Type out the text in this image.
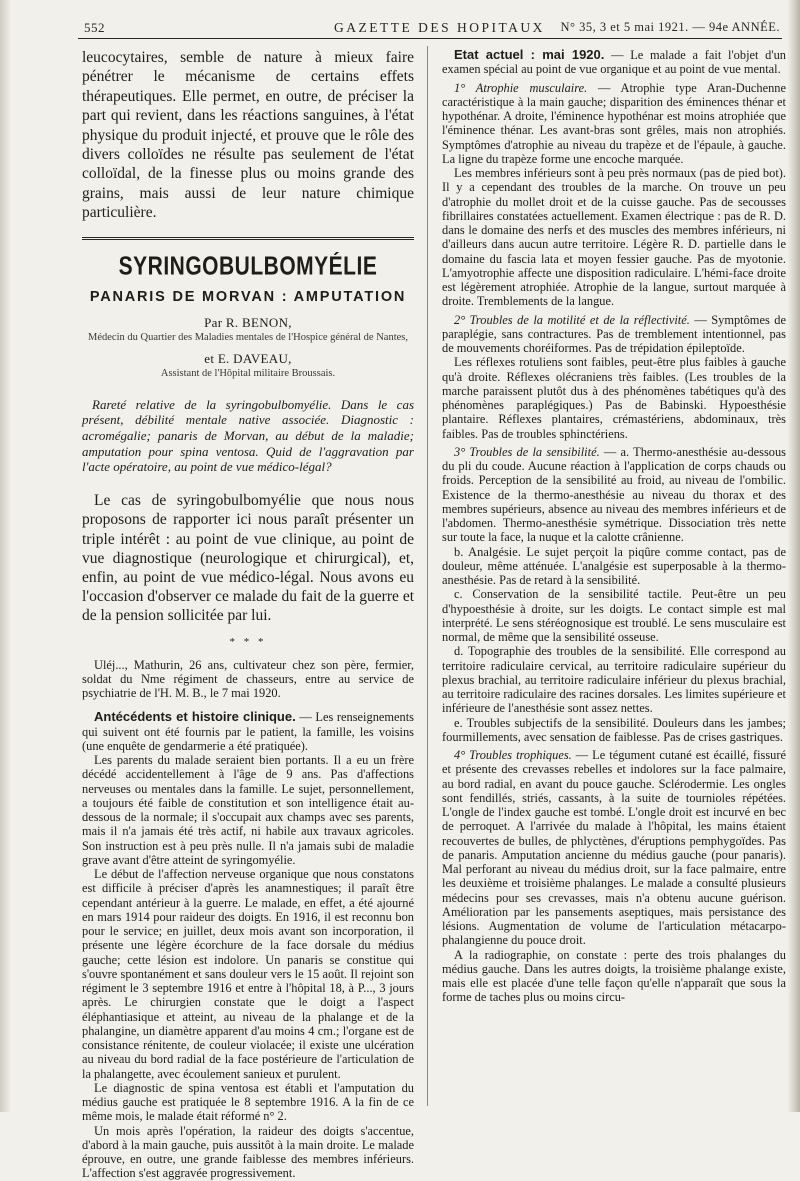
552	GAZETTE DES HOPITAUX N° 35, 3 et 5 mai 1921. — 94e ANNÉE.

leucocytaires, semble de nature à mieux faire pénétrer le mécanisme de certains effets thérapeutiques. Elle permet, en outre, de préciser la part qui revient, dans les réactions sanguines, à l'état physique du produit injecté, et prouve que le rôle des divers colloïdes ne résulte pas seulement de l'état colloïdal, de la finesse plus ou moins grande des grains, mais aussi de leur nature chimique particulière.

SYRINGOBULBOMYÉLIE
PANARIS DE MORVAN : AMPUTATION
Par R. BENON,
Médecin du Quartier des Maladies mentales de l'Hospice général de Nantes,
et E. DAVEAU,
Assistant de l'Hôpital militaire Broussais.

Rareté relative de la syringobulbomyélie. Dans le cas présent, débilité mentale native associée. Diagnostic : acromégalie; panaris de Morvan, au début de la maladie; amputation pour spina ventosa. Quid de l'aggravation par l'acte opératoire, au point de vue médico-légal?

Le cas de syringobulbomyélie que nous nous proposons de rapporter ici nous paraît présenter un triple intérêt : au point de vue clinique, au point de vue diagnostique (neurologique et chirurgical), et, enfin, au point de vue médico-légal. Nous avons eu l'occasion d'observer ce malade du fait de la guerre et de la pension sollicitée par lui.

* * *

Uléj..., Mathurin, 26 ans, cultivateur chez son père, fermier, soldat du Nme régiment de chasseurs, entre au service de psychiatrie de l'H. M. B., le 7 mai 1920.

Antécédents et histoire clinique. — Les renseignements qui suivent ont été fournis par le patient, la famille, les voisins (une enquête de gendarmerie a été pratiquée).

Les parents du malade seraient bien portants. Il a eu un frère décédé accidentellement à l'âge de 9 ans. Pas d'affections nerveuses ou mentales dans la famille. Le sujet, personnellement, a toujours été faible de constitution et son intelligence était au-dessous de la normale; il s'occupait aux champs avec ses parents, mais il n'a jamais été très actif, ni habile aux travaux agricoles. Son instruction est à peu près nulle. Il n'a jamais subi de maladie grave avant d'être atteint de syringomyélie.

Le début de l'affection nerveuse organique que nous constatons est difficile à préciser d'après les anamnestiques; il paraît être cependant antérieur à la guerre. Le malade, en effet, a été ajourné en mars 1914 pour raideur des doigts. En 1916, il est reconnu bon pour le service; en juillet, deux mois avant son incorporation, il présente une légère écorchure de la face dorsale du médius gauche; cette lésion est indolore. Un panaris se constitue qui s'ouvre spontanément et sans douleur vers le 15 août. Il rejoint son régiment le 3 septembre 1916 et entre à l'hôpital 18, à P..., 3 jours après. Le chirurgien constate que le doigt a l'aspect éléphantiasique et atteint, au niveau de la phalange et de la phalangine, un diamètre apparent d'au moins 4 cm.; l'organe est de consistance rénitente, de couleur violacée; il existe une ulcération au niveau du bord radial de la face postérieure de l'articulation de la phalangette, avec écoulement sanieux et purulent.

Le diagnostic de spina ventosa est établi et l'amputation du médius gauche est pratiquée le 8 septembre 1916. A la fin de ce même mois, le malade était réformé n° 2.

Un mois après l'opération, la raideur des doigts s'accentue, d'abord à la main gauche, puis aussitôt à la main droite. Le malade éprouve, en outre, une grande faiblesse des membres inférieurs. L'affection s'est aggravée progressivement.

Etat actuel : mai 1920. — Le malade a fait l'objet d'un examen spécial au point de vue organique et au point de vue mental.

1° Atrophie musculaire. — Atrophie type Aran-Duchenne caractéristique à la main gauche; disparition des éminences thénar et hypothénar. A droite, l'éminence hypothénar est moins atrophiée que l'éminence thénar. Les avant-bras sont grêles, mais non atrophiés. Symptômes d'atrophie au niveau du trapèze et de l'épaule, à gauche. La ligne du trapèze forme une encoche marquée.

Les membres inférieurs sont à peu près normaux (pas de pied bot). Il y a cependant des troubles de la marche. On trouve un peu d'atrophie du mollet droit et de la cuisse gauche. Pas de secousses fibrillaires constatées actuellement. Examen électrique : pas de R. D. dans le domaine des nerfs et des muscles des membres inférieurs, ni d'ailleurs dans aucun autre territoire. Légère R. D. partielle dans le domaine du fascia lata et moyen fessier gauche. Pas de myotonie. L'amyotrophie affecte une disposition radiculaire. L'hémi-face droite est légèrement atrophiée. Atrophie de la langue, surtout marquée à droite. Tremblements de la langue.

2° Troubles de la motilité et de la réflectivité. — Symptômes de paraplégie, sans contractures. Pas de tremblement intentionnel, pas de mouvements choréiformes. Pas de trépidation épileptoïde.

Les réflexes rotuliens sont faibles, peut-être plus faibles à gauche qu'à droite. Réflexes olécraniens très faibles. (Les troubles de la marche paraissent plutôt dus à des phénomènes tabétiques qu'à des phénomènes paraplégiques.) Pas de Babinski. Hypoesthésie plantaire. Réflexes plantaires, crémastériens, abdominaux, très faibles. Pas de troubles sphinctériens.

3° Troubles de la sensibilité. — a. Thermo-anesthésie au-dessous du pli du coude. Aucune réaction à l'application de corps chauds ou froids. Perception de la sensibilité au froid, au niveau de l'ombilic. Existence de la thermo-anesthésie au niveau du thorax et des membres supérieurs, absence au niveau des membres inférieurs et de l'abdomen. Thermo-anesthésie symétrique. Dissociation très nette sur toute la face, la nuque et la calotte crânienne.

b. Analgésie. Le sujet perçoit la piqûre comme contact, pas de douleur, même atténuée. L'analgésie est superposable à la thermo-anesthésie. Pas de retard à la sensibilité.

c. Conservation de la sensibilité tactile. Peut-être un peu d'hypoesthésie à droite, sur les doigts. Le contact simple est mal interprété. Le sens stéréognosique est troublé. Le sens musculaire est normal, de même que la sensibilité osseuse.

d. Topographie des troubles de la sensibilité. Elle correspond au territoire radiculaire cervical, au territoire radiculaire supérieur du plexus brachial, au territoire radiculaire inférieur du plexus brachial, au territoire radiculaire des racines dorsales. Les limites supérieure et inférieure de l'anesthésie sont assez nettes.

e. Troubles subjectifs de la sensibilité. Douleurs dans les jambes; fourmillements, avec sensation de faiblesse. Pas de crises gastriques.

4° Troubles trophiques. — Le tégument cutané est écaillé, fissuré et présente des crevasses rebelles et indolores sur la face palmaire, au bord radial, en avant du pouce gauche. Sclérodermie. Les ongles sont fendillés, striés, cassants, à la suite de tournioles répétées. L'ongle de l'index gauche est tombé. L'ongle droit est incurvé en bec de perroquet. A l'arrivée du malade à l'hôpital, les mains étaient recouvertes de bulles, de phlyctènes, d'éruptions pemphygoïdes. Pas de panaris. Amputation ancienne du médius gauche (pour panaris). Mal perforant au niveau du médius droit, sur la face palmaire, entre les deuxième et troisième phalanges. Le malade a consulté plusieurs médecins pour ses crevasses, mais n'a obtenu aucune guérison. Amélioration par les pansements aseptiques, mais persistance des lésions. Augmentation de volume de l'articulation métacarpo-phalangienne du pouce droit.

A la radiographie, on constate : perte des trois phalanges du médius gauche. Dans les autres doigts, la troisième phalange existe, mais elle est placée d'une telle façon qu'elle n'apparaît que sous la forme de taches plus ou moins circu-
